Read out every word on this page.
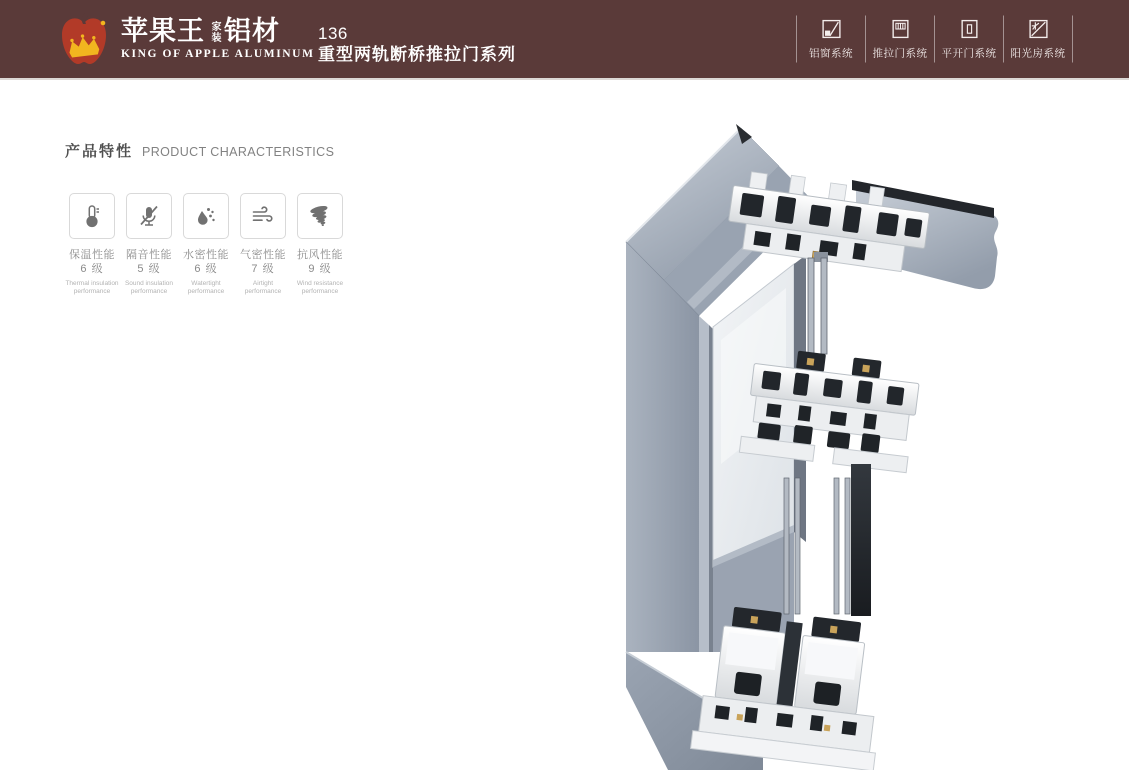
苹果王 家装 铝材
KING OF APPLE ALUMINUM
136
重型两轨断桥推拉门系列	铝窗系统 推拉门系统 平开门系统 阳光房系统
产品特性 PRODUCT CHARACTERISTICS

保温性能
6 级
Thermal insulation performance
隔音性能
5 级
Sound insulation performance
水密性能
6 级
Watertight performance
气密性能
7 级
Airtight performance
抗风性能
9 级
Wind resistance performance
